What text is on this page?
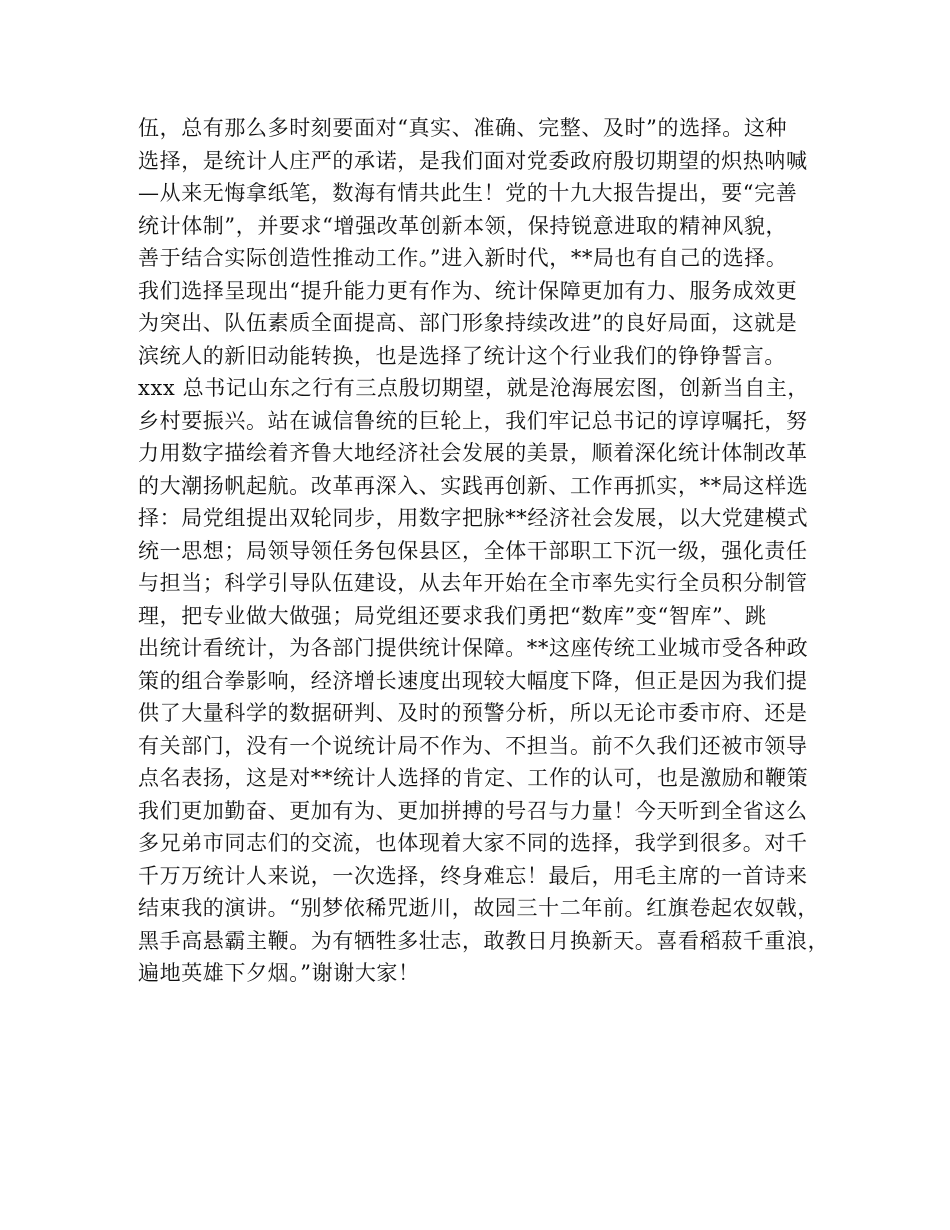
伍，总有那么多时刻要面对“真实、准确、完整、及时”的选择。这种
选择，是统计人庄严的承诺，是我们面对党委政府殷切期望的炽热呐喊
—从来无悔拿纸笔，数海有情共此生！党的十九大报告提出，要“完善
统计体制”，并要求“增强改革创新本领，保持锐意进取的精神风貌，
善于结合实际创造性推动工作。”进入新时代，**局也有自己的选择。
我们选择呈现出“提升能力更有作为、统计保障更加有力、服务成效更
为突出、队伍素质全面提高、部门形象持续改进”的良好局面，这就是
滨统人的新旧动能转换，也是选择了统计这个行业我们的铮铮誓言。
xxx 总书记山东之行有三点殷切期望，就是沧海展宏图，创新当自主，
乡村要振兴。站在诚信鲁统的巨轮上，我们牢记总书记的谆谆嘱托，努
力用数字描绘着齐鲁大地经济社会发展的美景，顺着深化统计体制改革
的大潮扬帆起航。改革再深入、实践再创新、工作再抓实，**局这样选
择：局党组提出双轮同步，用数字把脉**经济社会发展，以大党建模式
统一思想；局领导领任务包保县区，全体干部职工下沉一级，强化责任
与担当；科学引导队伍建设，从去年开始在全市率先实行全员积分制管
理，把专业做大做强；局党组还要求我们勇把“数库”变“智库”、跳
出统计看统计，为各部门提供统计保障。**这座传统工业城市受各种政
策的组合拳影响，经济增长速度出现较大幅度下降，但正是因为我们提
供了大量科学的数据研判、及时的预警分析，所以无论市委市府、还是
有关部门，没有一个说统计局不作为、不担当。前不久我们还被市领导
点名表扬，这是对**统计人选择的肯定、工作的认可，也是激励和鞭策
我们更加勤奋、更加有为、更加拼搏的号召与力量！今天听到全省这么
多兄弟市同志们的交流，也体现着大家不同的选择，我学到很多。对千
千万万统计人来说，一次选择，终身难忘！最后，用毛主席的一首诗来
结束我的演讲。“别梦依稀咒逝川，故园三十二年前。红旗卷起农奴戟，
黑手高悬霸主鞭。为有牺牲多壮志，敢教日月换新天。喜看稻菽千重浪，
遍地英雄下夕烟。”谢谢大家！
